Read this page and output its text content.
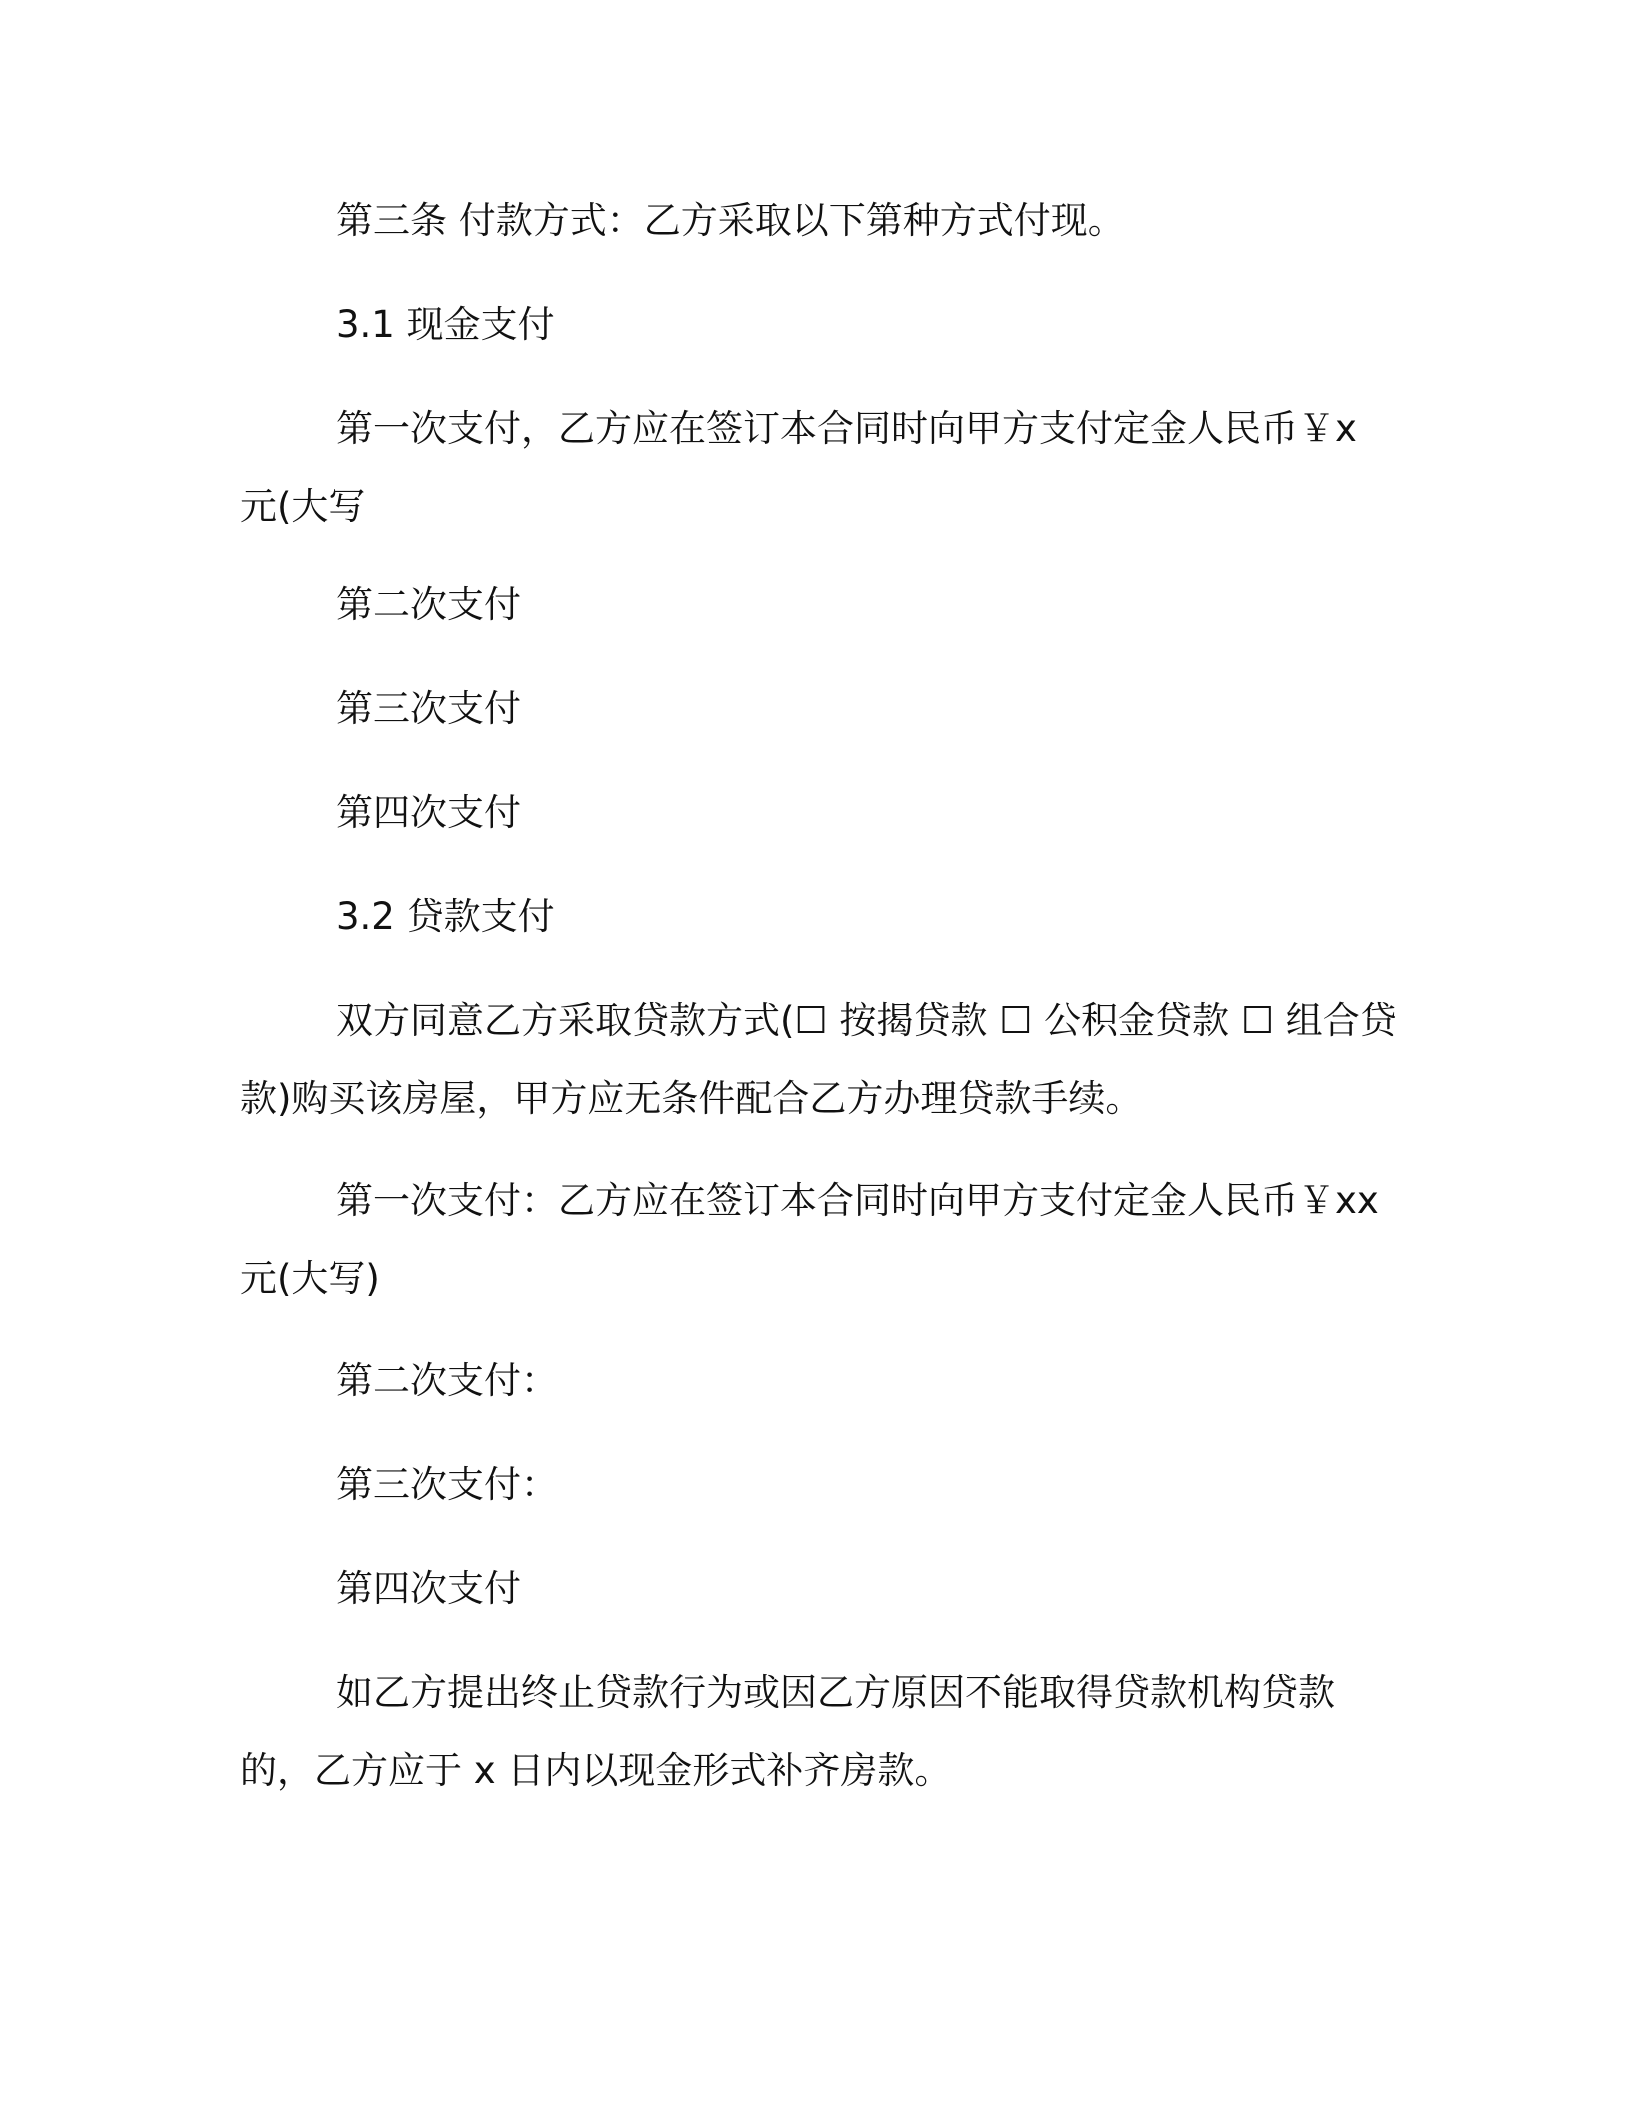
第三条 付款方式：乙方采取以下第种方式付现。

3.1 现金支付

第一次支付，乙方应在签订本合同时向甲方支付定金人民币￥x 元(大写

第二次支付

第三次支付

第四次支付

3.2 贷款支付

双方同意乙方采取贷款方式(☐ 按揭贷款 ☐ 公积金贷款 ☐ 组合贷款)购买该房屋，甲方应无条件配合乙方办理贷款手续。

第一次支付：乙方应在签订本合同时向甲方支付定金人民币￥xx 元(大写)

第二次支付：

第三次支付：

第四次支付

如乙方提出终止贷款行为或因乙方原因不能取得贷款机构贷款的，乙方应于 x 日内以现金形式补齐房款。
